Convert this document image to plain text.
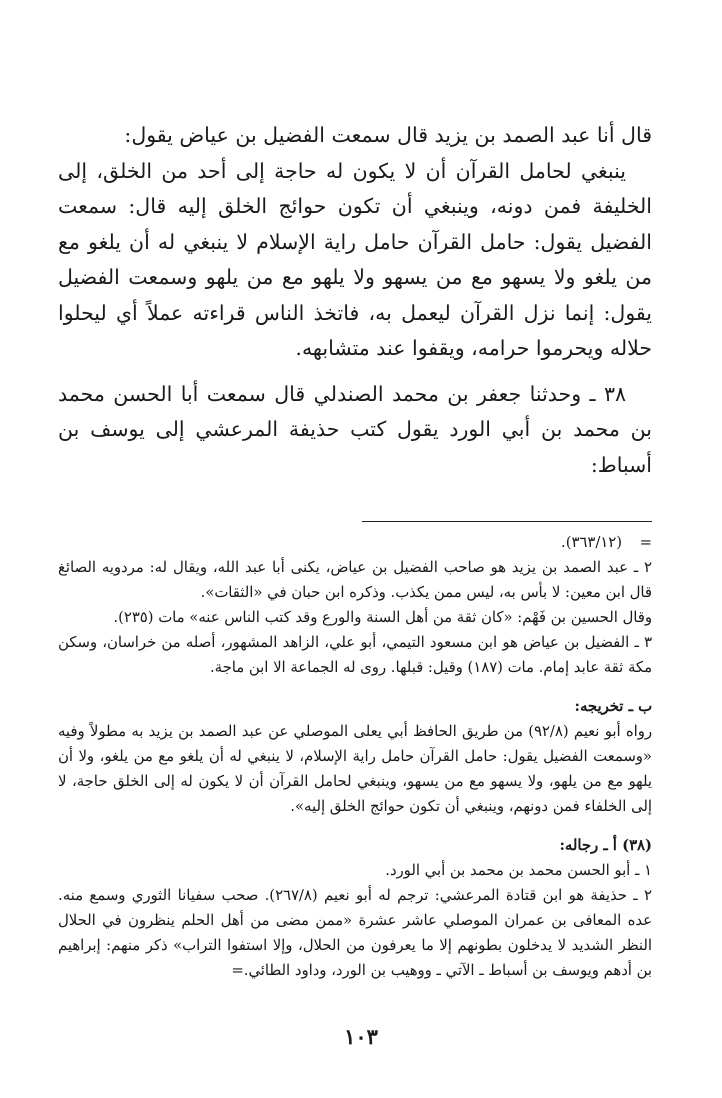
قال أنا عبد الصمد بن يزيد قال سمعت الفضيل بن عياض يقول:

ينبغي لحامل القرآن أن لا يكون له حاجة إلى أحد من الخلق، إلى الخليفة فمن دونه، وينبغي أن تكون حوائج الخلق إليه قال: سمعت الفضيل يقول: حامل القرآن حامل راية الإسلام لا ينبغي له أن يلغو مع من يلغو ولا يسهو مع من يسهو ولا يلهو مع من يلهو وسمعت الفضيل يقول: إنما نزل القرآن ليعمل به، فاتخذ الناس قراءته عملاً أي ليحلوا حلاله ويحرموا حرامه، ويقفوا عند متشابهه.

٣٨ ـ وحدثنا جعفر بن محمد الصندلي قال سمعت أبا الحسن محمد بن محمد بن أبي الورد يقول كتب حذيفة المرعشي إلى يوسف بن أسباط:

=(٣٦٣/١٢).

٢ ـ عبد الصمد بن يزيد هو صاحب الفضيل بن عياض، يكنى أبا عبد الله، ويقال له: مردويه الصائغ قال ابن معين: لا بأس به، ليس ممن يكذب. وذكره ابن حبان في «الثقات».

وقال الحسين بن فَهْم: «كان ثقة من أهل السنة والورع وقد كتب الناس عنه» مات (٢٣٥).

٣ ـ الفضيل بن عياض هو ابن مسعود التيمي، أبو علي، الزاهد المشهور، أصله من خراسان، وسكن مكة ثقة عابد إمام. مات (١٨٧) وقيل: قبلها. روى له الجماعة الا ابن ماجة.

ب ـ تخريجه:

رواه أبو نعيم (٩٢/٨) من طريق الحافظ أبي يعلى الموصلي عن عبد الصمد بن يزيد به مطولاً وفيه «وسمعت الفضيل يقول: حامل القرآن حامل راية الإسلام، لا ينبغي له أن يلغو مع من يلغو، ولا أن يلهو مع من يلهو، ولا يسهو مع من يسهو، وينبغي لحامل القرآن أن لا يكون له إلى الخلق حاجة، لا إلى الخلفاء فمن دونهم، وينبغي أن تكون حوائج الخلق إليه».

(٣٨) أ ـ رجاله:

١ ـ أبو الحسن محمد بن محمد بن أبي الورد.

٢ ـ حذيفة هو ابن قتادة المرعشي: ترجم له أبو نعيم (٢٦٧/٨). صحب سفيانا الثوري وسمع منه. عده المعافى بن عمران الموصلي عاشر عشرة «ممن مضى من أهل الحلم ينظرون في الحلال النظر الشديد لا يدخلون بطونهم إلا ما يعرفون من الحلال، وإلا استفوا التراب» ذكر منهم: إبراهيم بن أدهم ويوسف بن أسباط ـ الآتي ـ ووهيب بن الورد، وداود الطائي.=

١٠٣
